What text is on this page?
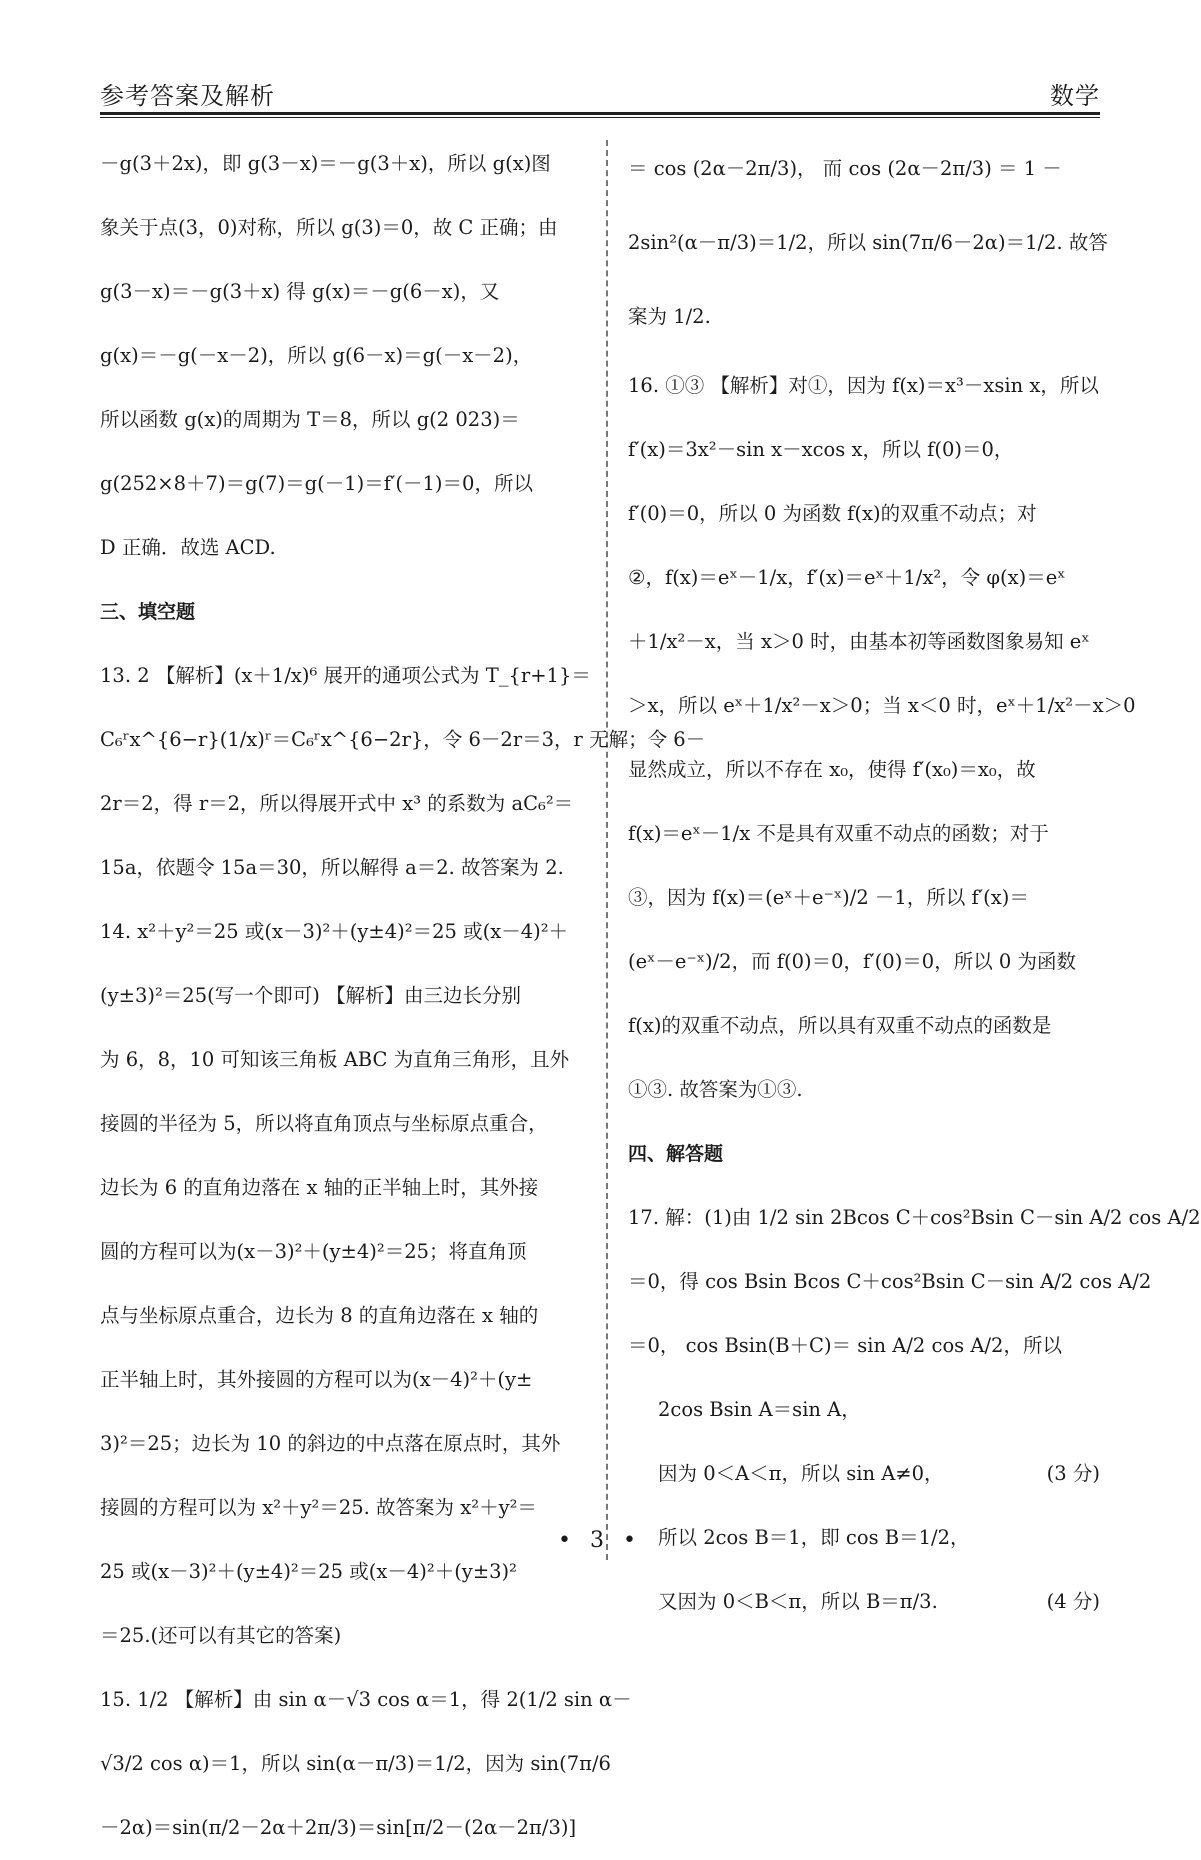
参考答案及解析	数学
－g(3＋2x)，即 g(3－x)＝－g(3＋x)，所以 g(x)图
象关于点(3，0)对称，所以 g(3)＝0，故 C 正确；由
g(3－x)＝－g(3＋x) 得 g(x)＝－g(6－x)，又
g(x)＝－g(－x－2)，所以 g(6－x)＝g(－x－2)，
所以函数 g(x)的周期为 T＝8，所以 g(2 023)＝
g(252×8＋7)＝g(7)＝g(－1)＝f′(－1)＝0，所以
D 正确．故选 ACD.
三、填空题
13. 2 【解析】(x＋1/x)⁶ 展开的通项公式为 T_{r+1}＝
C₆ʳx^{6−r}(1/x)ʳ＝C₆ʳx^{6−2r}，令 6－2r＝3，r 无解；令 6－
2r＝2，得 r＝2，所以得展开式中 x³ 的系数为 aC₆²＝
15a，依题令 15a＝30，所以解得 a＝2. 故答案为 2.
14. x²＋y²＝25 或(x－3)²＋(y±4)²＝25 或(x－4)²＋
(y±3)²＝25(写一个即可) 【解析】由三边长分别
为 6，8，10 可知该三角板 ABC 为直角三角形，且外
接圆的半径为 5，所以将直角顶点与坐标原点重合，
边长为 6 的直角边落在 x 轴的正半轴上时，其外接
圆的方程可以为(x－3)²＋(y±4)²＝25；将直角顶
点与坐标原点重合，边长为 8 的直角边落在 x 轴的
正半轴上时，其外接圆的方程可以为(x－4)²＋(y±
3)²＝25；边长为 10 的斜边的中点落在原点时，其外
接圆的方程可以为 x²＋y²＝25. 故答案为 x²＋y²＝
25 或(x－3)²＋(y±4)²＝25 或(x－4)²＋(y±3)²
＝25.(还可以有其它的答案)
15. 1/2 【解析】由 sin α－√3 cos α＝1，得 2(1/2 sin α－
√3/2 cos α)＝1，所以 sin(α－π/3)＝1/2，因为 sin(7π/6
－2α)＝sin(π/2－2α＋2π/3)＝sin[π/2－(2α－2π/3)]
＝ cos (2α－2π/3)， 而 cos (2α－2π/3) ＝ 1 －
2sin²(α－π/3)＝1/2，所以 sin(7π/6－2α)＝1/2. 故答
案为 1/2.
16. ①③ 【解析】对①，因为 f(x)＝x³－xsin x，所以
f′(x)＝3x²－sin x－xcos x，所以 f(0)＝0，
f′(0)＝0，所以 0 为函数 f(x)的双重不动点；对
②，f(x)＝eˣ－1/x，f′(x)＝eˣ＋1/x²，令 φ(x)＝eˣ
＋1/x²－x，当 x＞0 时，由基本初等函数图象易知 eˣ
＞x，所以 eˣ＋1/x²－x＞0；当 x＜0 时，eˣ＋1/x²－x＞0
显然成立，所以不存在 x₀，使得 f′(x₀)＝x₀，故
f(x)＝eˣ－1/x 不是具有双重不动点的函数；对于
③，因为 f(x)＝(eˣ＋e⁻ˣ)/2 －1，所以 f′(x)＝
(eˣ－e⁻ˣ)/2，而 f(0)＝0，f′(0)＝0，所以 0 为函数
f(x)的双重不动点，所以具有双重不动点的函数是
①③. 故答案为①③.
四、解答题
17. 解：(1)由 1/2 sin 2Bcos C＋cos²Bsin C－sin A/2 cos A/2
＝0，得 cos Bsin Bcos C＋cos²Bsin C－sin A/2 cos A/2
＝0， cos Bsin(B＋C)＝ sin A/2 cos A/2，所以
2cos Bsin A＝sin A，
因为 0＜A＜π，所以 sin A≠0，	(3 分)
所以 2cos B＝1，即 cos B＝1/2，
又因为 0＜B＜π，所以 B＝π/3.	(4 分)
• 3 •
